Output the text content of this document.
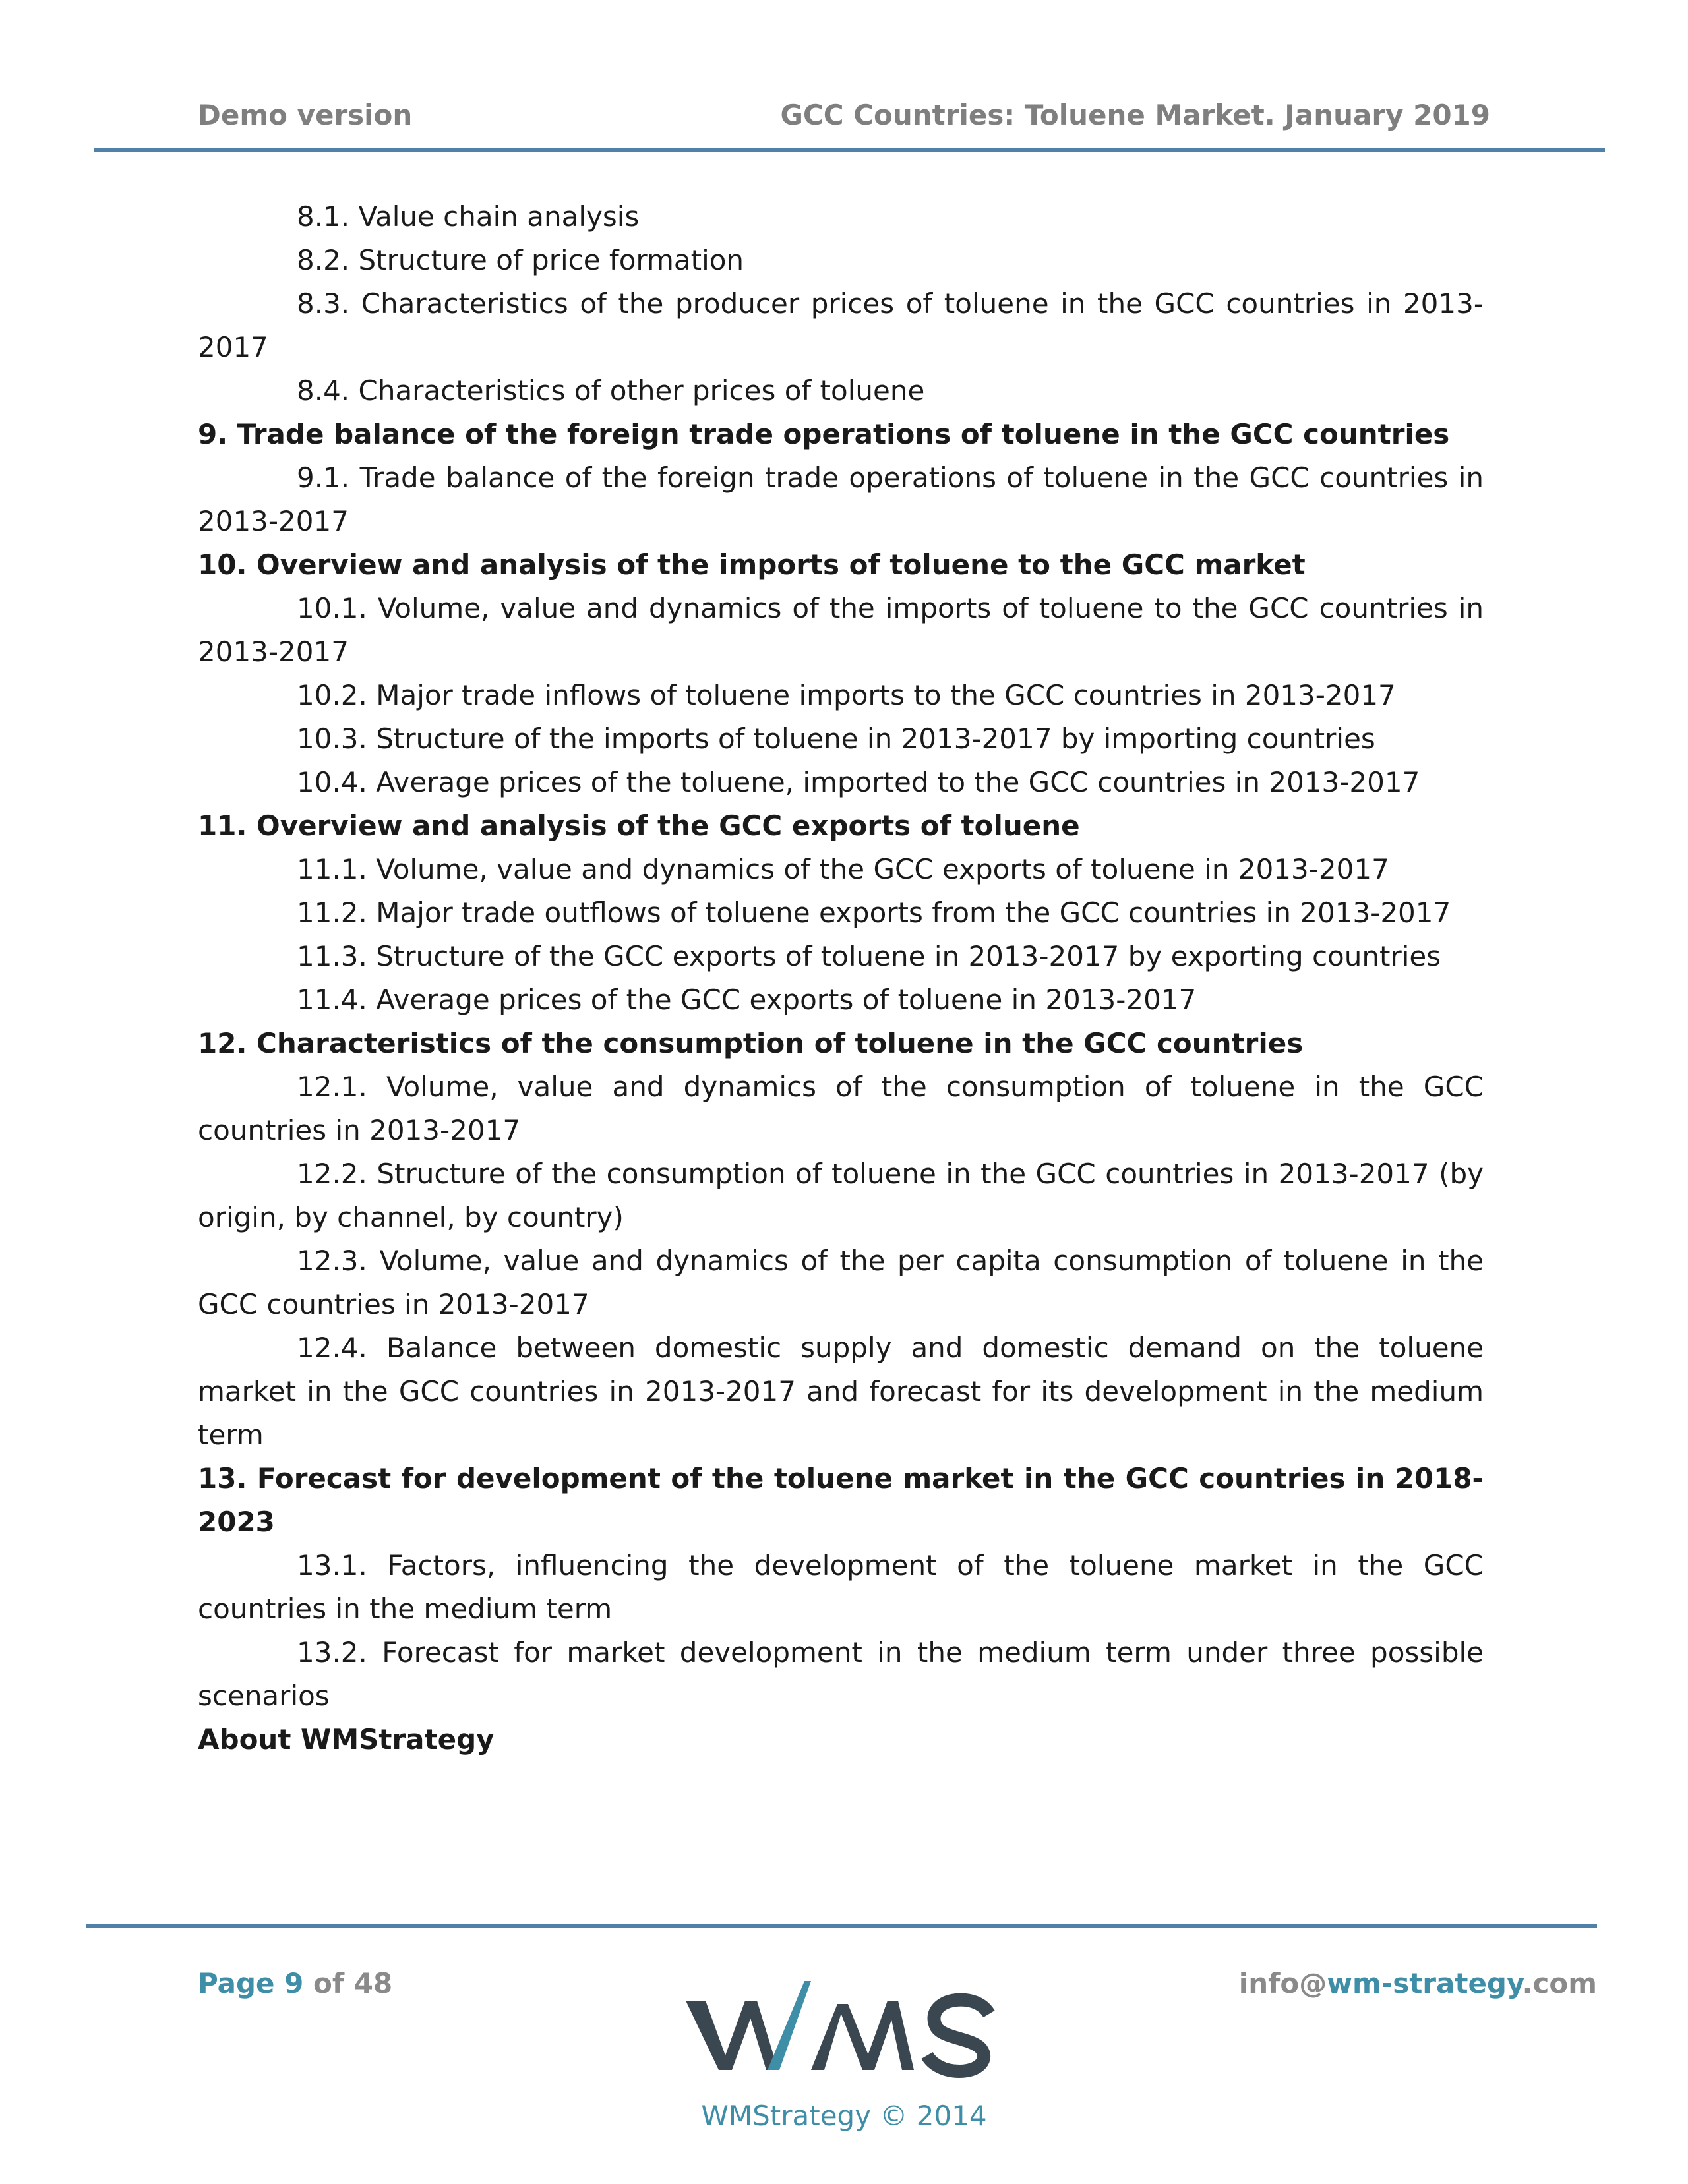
Demo version	GCC Countries: Toluene Market. January 2019
8.1. Value chain analysis
8.2. Structure of price formation
8.3. Characteristics of the producer prices of toluene in the GCC countries in 2013-2017
8.4. Characteristics of other prices of toluene
9. Trade balance of the foreign trade operations of toluene in the GCC countries
9.1. Trade balance of the foreign trade operations of toluene in the GCC countries in 2013-2017
10. Overview and analysis of the imports of toluene to the GCC market
10.1. Volume, value and dynamics of the imports of toluene to the GCC countries in 2013-2017
10.2. Major trade inflows of toluene imports to the GCC countries in 2013-2017
10.3. Structure of the imports of toluene in 2013-2017 by importing countries
10.4. Average prices of the toluene, imported to the GCC countries in 2013-2017
11. Overview and analysis of the GCC exports of toluene
11.1. Volume, value and dynamics of the GCC exports of toluene in 2013-2017
11.2. Major trade outflows of toluene exports from the GCC countries in 2013-2017
11.3. Structure of the GCC exports of toluene in 2013-2017 by exporting countries
11.4. Average prices of the GCC exports of toluene in 2013-2017
12. Characteristics of the consumption of toluene in the GCC countries
12.1. Volume, value and dynamics of the consumption of toluene in the GCC countries in 2013-2017
12.2. Structure of the consumption of toluene in the GCC countries in 2013-2017 (by origin, by channel, by country)
12.3. Volume, value and dynamics of the per capita consumption of toluene in the GCC countries in 2013-2017
12.4. Balance between domestic supply and domestic demand on the toluene market in the GCC countries in 2013-2017 and forecast for its development in the medium term
13. Forecast for development of the toluene market in the GCC countries in 2018-2023
13.1. Factors, influencing the development of the toluene market in the GCC countries in the medium term
13.2. Forecast for market development in the medium term under three possible scenarios
About WMStrategy
Page 9 of 48	info@wm-strategy.com
WMS
WMStrategy © 2014
